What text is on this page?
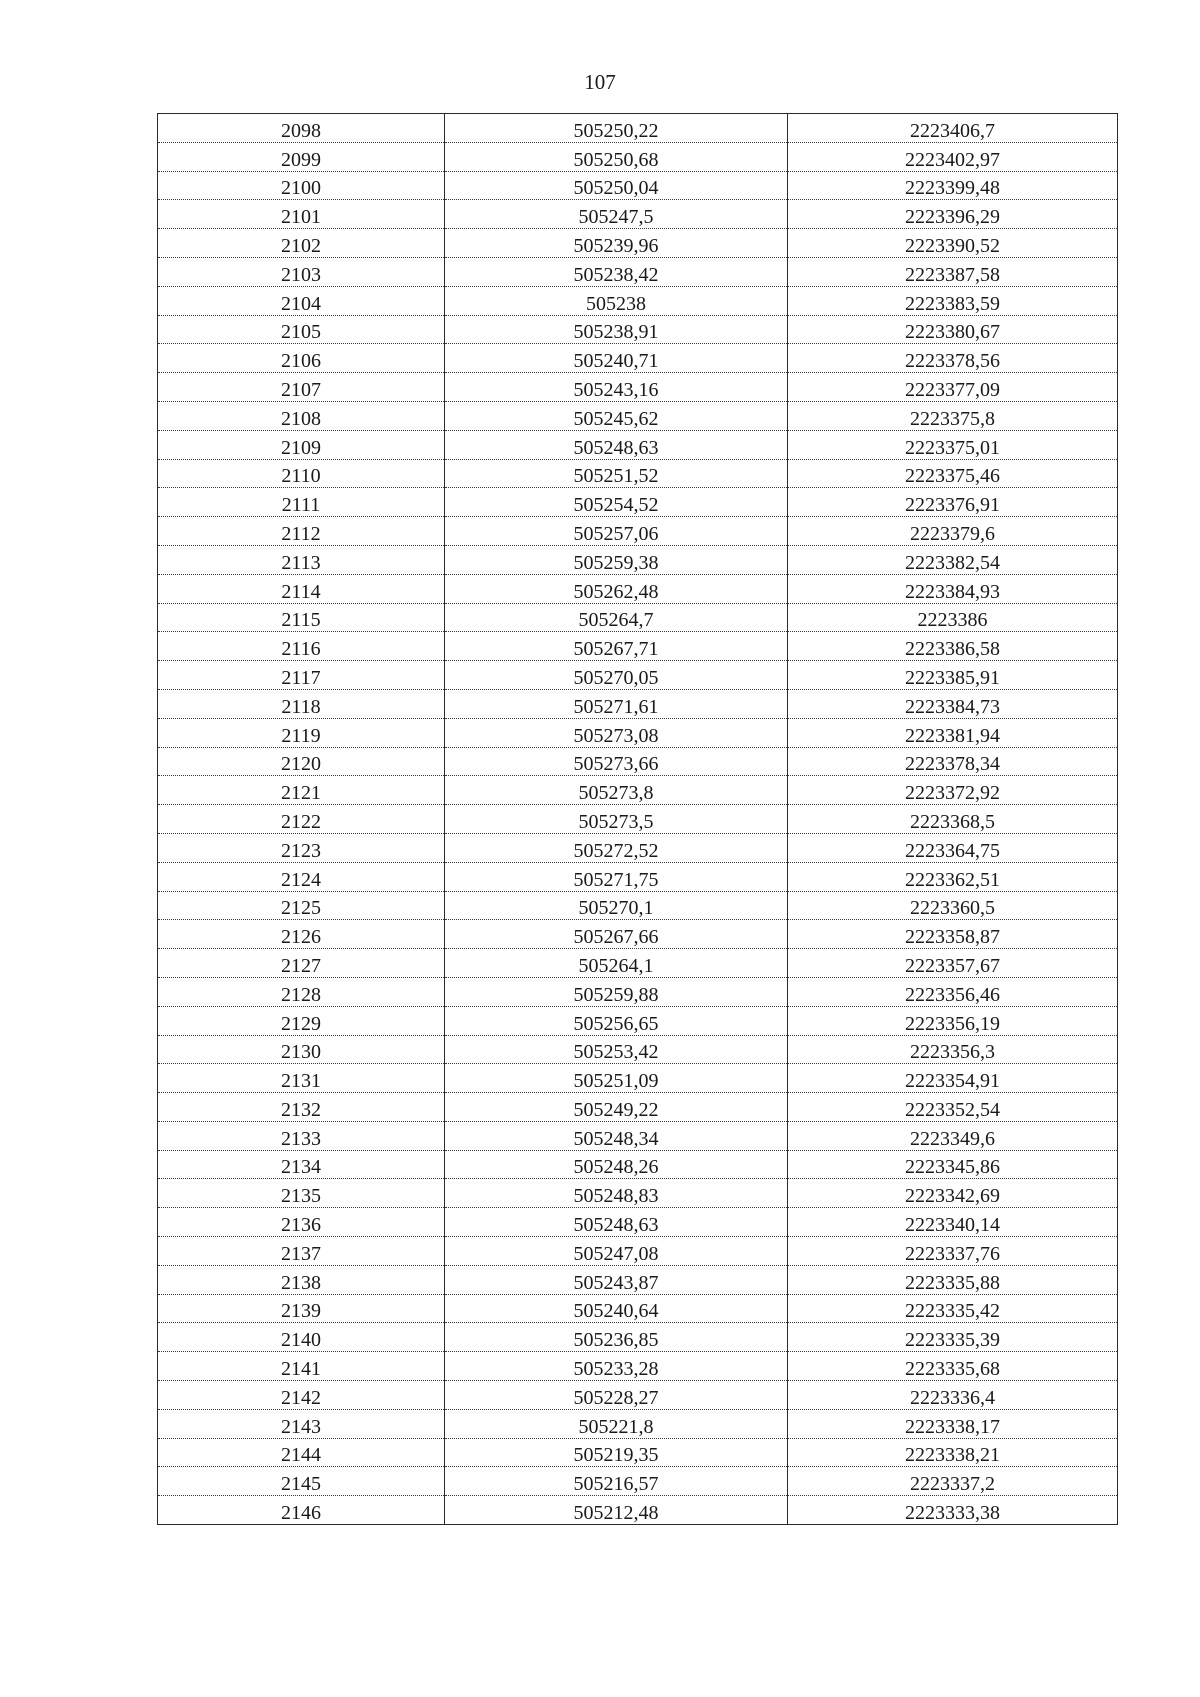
107
2098	505250,22	2223406,7
2099	505250,68	2223402,97
2100	505250,04	2223399,48
2101	505247,5	2223396,29
2102	505239,96	2223390,52
2103	505238,42	2223387,58
2104	505238	2223383,59
2105	505238,91	2223380,67
2106	505240,71	2223378,56
2107	505243,16	2223377,09
2108	505245,62	2223375,8
2109	505248,63	2223375,01
2110	505251,52	2223375,46
2111	505254,52	2223376,91
2112	505257,06	2223379,6
2113	505259,38	2223382,54
2114	505262,48	2223384,93
2115	505264,7	2223386
2116	505267,71	2223386,58
2117	505270,05	2223385,91
2118	505271,61	2223384,73
2119	505273,08	2223381,94
2120	505273,66	2223378,34
2121	505273,8	2223372,92
2122	505273,5	2223368,5
2123	505272,52	2223364,75
2124	505271,75	2223362,51
2125	505270,1	2223360,5
2126	505267,66	2223358,87
2127	505264,1	2223357,67
2128	505259,88	2223356,46
2129	505256,65	2223356,19
2130	505253,42	2223356,3
2131	505251,09	2223354,91
2132	505249,22	2223352,54
2133	505248,34	2223349,6
2134	505248,26	2223345,86
2135	505248,83	2223342,69
2136	505248,63	2223340,14
2137	505247,08	2223337,76
2138	505243,87	2223335,88
2139	505240,64	2223335,42
2140	505236,85	2223335,39
2141	505233,28	2223335,68
2142	505228,27	2223336,4
2143	505221,8	2223338,17
2144	505219,35	2223338,21
2145	505216,57	2223337,2
2146	505212,48	2223333,38
